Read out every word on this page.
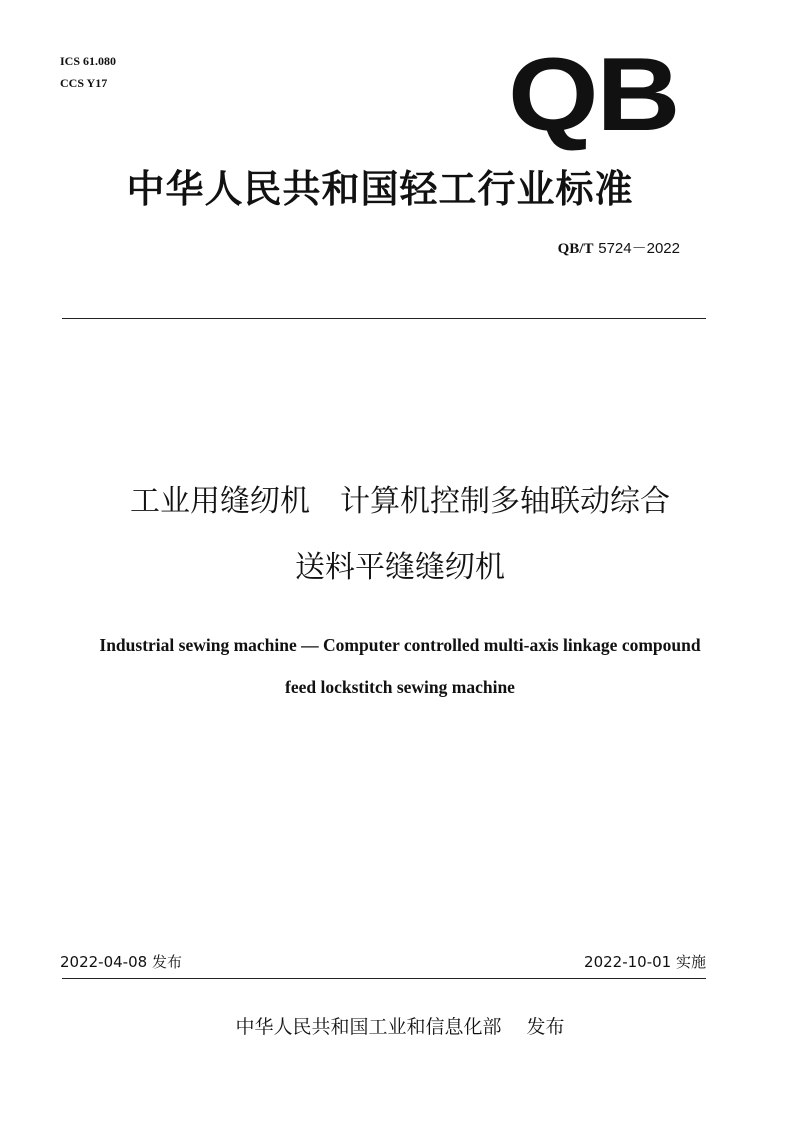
ICS 61.080
CCS Y17	QB
中华人民共和国轻工行业标准
QB/T 5724－2022
工业用缝纫机　计算机控制多轴联动综合
送料平缝缝纫机
Industrial sewing machine — Computer controlled multi-axis linkage compound
feed lockstitch sewing machine
2022-04-08 发布	2022-10-01 实施
中华人民共和国工业和信息化部　 发布
